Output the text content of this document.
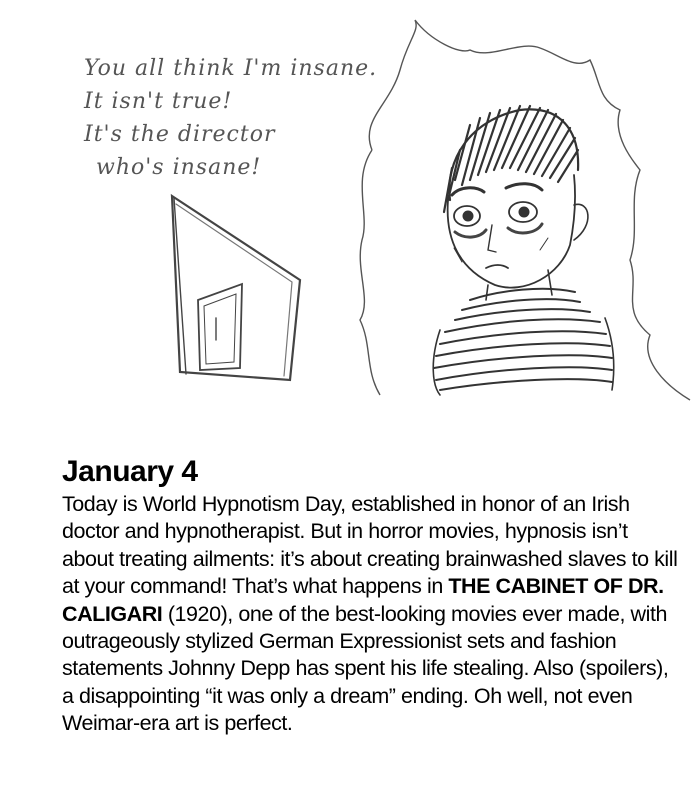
You all think I'm insane.
It isn't true!
It's the director
who's insane!
January 4

Today is World Hypnotism Day, established in honor of an Irish doctor and hypnotherapist. But in horror movies, hypnosis isn’t about treating ailments: it’s about creating brainwashed slaves to kill at your command! That’s what happens in THE CABINET OF DR. CALIGARI (1920), one of the best-looking movies ever made, with outrageously stylized German Expressionist sets and fashion statements Johnny Depp has spent his life stealing. Also (spoilers), a disappointing “it was only a dream” ending. Oh well, not even Weimar-era art is perfect.
